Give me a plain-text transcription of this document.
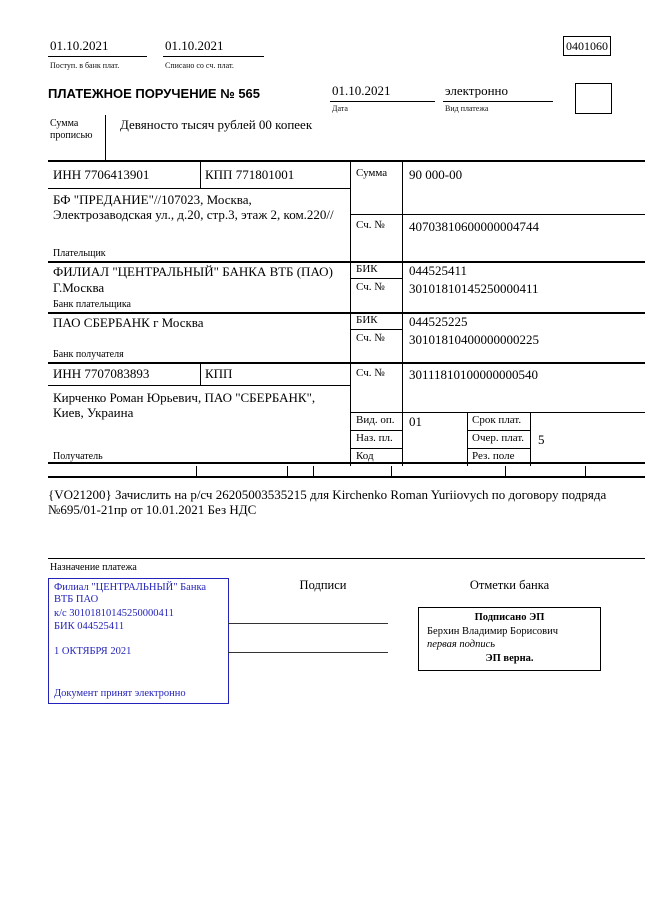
01.10.2021
Поступ. в банк плат.
01.10.2021
Списано со сч. плат.
0401060
ПЛАТЕЖНОЕ ПОРУЧЕНИЕ № 565	01.10.2021
Дата
электронно
Вид платежа
Сумма прописью
Девяносто тысяч рублей 00 копеек
ИНН 7706413901	КПП 771801001
БФ "ПРЕДАНИЕ"//107023, Москва, Электрозаводская ул., д.20, стр.3, этаж 2, ком.220//
Плательщик
Сумма 90 000-00
Сч. № 40703810600000004744
ФИЛИАЛ "ЦЕНТРАЛЬНЫЙ" БАНКА ВТБ (ПАО)
Г.Москва
Банк плательщика
БИК 044525411
Сч. № 30101810145250000411
ПАО СБЕРБАНК г Москва
Банк получателя
БИК 044525225
Сч. № 30101810400000000225
ИНН 7707083893	КПП
Кирченко Роман Юрьевич, ПАО "СБЕРБАНК", Киев, Украина
Получатель
Сч. № 30111810100000000540
Вид. оп. 01
Наз. пл.
Код
Срок плат.
Очер. плат. 5
Рез. поле
{VO21200} Зачислить на р/сч 26205003535215 для Kirchenko Roman Yuriiovych по договору подряда №695/01-21пр от 10.01.2021 Без НДС
Назначение платежа
Филиал "ЦЕНТРАЛЬНЫЙ" Банка ВТБ ПАО
к/с 30101810145250000411
БИК 044525411
1 ОКТЯБРЯ 2021
Документ принят электронно
Подписи	Отметки банка
Подписано ЭП
Берхин Владимир Борисович
первая подпись
ЭП верна.
